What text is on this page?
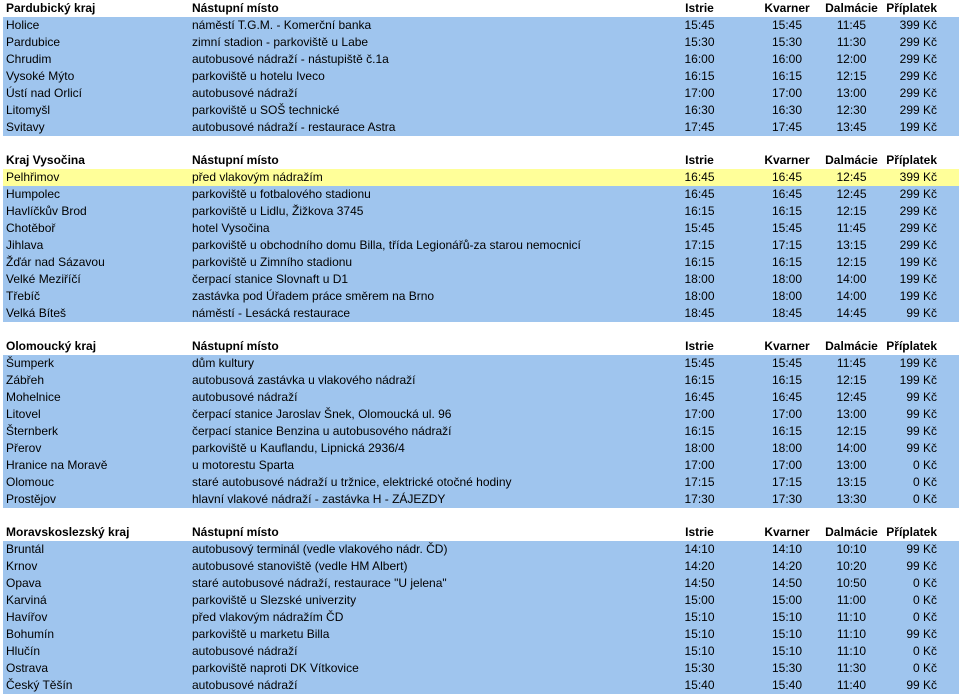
Pardubický kraj	Nástupní místo	Istrie	Kvarner	Dalmácie	Příplatek
Holice	náměstí T.G.M. - Komerční banka	15:45	15:45	11:45	399 Kč
Pardubice	zimní stadion - parkoviště u Labe	15:30	15:30	11:30	299 Kč
Chrudim	autobusové nádraží - nástupiště č.1a	16:00	16:00	12:00	299 Kč
Vysoké Mýto	parkoviště u hotelu Iveco	16:15	16:15	12:15	299 Kč
Ústí nad Orlicí	autobusové nádraží	17:00	17:00	13:00	299 Kč
Litomyšl	parkoviště u SOŠ technické	16:30	16:30	12:30	299 Kč
Svitavy	autobusové nádraží - restaurace Astra	17:45	17:45	13:45	199 Kč

Kraj Vysočina	Nástupní místo	Istrie	Kvarner	Dalmácie	Příplatek
Pelhřimov	před vlakovým nádražím	16:45	16:45	12:45	399 Kč
Humpolec	parkoviště u fotbalového stadionu	16:45	16:45	12:45	299 Kč
Havlíčkův Brod	parkoviště u Lidlu, Žižkova 3745	16:15	16:15	12:15	299 Kč
Chotěboř	hotel Vysočina	15:45	15:45	11:45	299 Kč
Jihlava	parkoviště u obchodního domu Billa, třída Legionářů-za starou nemocnicí	17:15	17:15	13:15	299 Kč
Žďár nad Sázavou	parkoviště u Zimního stadionu	16:15	16:15	12:15	199 Kč
Velké Meziříčí	čerpací stanice Slovnaft u D1	18:00	18:00	14:00	199 Kč
Třebíč	zastávka pod Úřadem práce směrem na Brno	18:00	18:00	14:00	199 Kč
Velká Bíteš	náměstí - Lesácká restaurace	18:45	18:45	14:45	99 Kč

Olomoucký kraj	Nástupní místo	Istrie	Kvarner	Dalmácie	Příplatek
Šumperk	dům kultury	15:45	15:45	11:45	199 Kč
Zábřeh	autobusová zastávka u vlakového nádraží	16:15	16:15	12:15	199 Kč
Mohelnice	autobusové nádraží	16:45	16:45	12:45	99 Kč
Litovel	čerpací stanice Jaroslav Šnek, Olomoucká ul. 96	17:00	17:00	13:00	99 Kč
Šternberk	čerpací stanice Benzina u autobusového nádraží	16:15	16:15	12:15	99 Kč
Přerov	parkoviště u Kauflandu, Lipnická 2936/4	18:00	18:00	14:00	99 Kč
Hranice na Moravě	u motorestu Sparta	17:00	17:00	13:00	0 Kč
Olomouc	staré autobusové nádraží u tržnice, elektrické otočné hodiny	17:15	17:15	13:15	0 Kč
Prostějov	hlavní vlakové nádraží - zastávka H - ZÁJEZDY	17:30	17:30	13:30	0 Kč

Moravskoslezský kraj	Nástupní místo	Istrie	Kvarner	Dalmácie	Příplatek
Bruntál	autobusový terminál (vedle vlakového nádr. ČD)	14:10	14:10	10:10	99 Kč
Krnov	autobusové stanoviště (vedle HM Albert)	14:20	14:20	10:20	99 Kč
Opava	staré autobusové nádraží, restaurace "U jelena"	14:50	14:50	10:50	0 Kč
Karviná	parkoviště u Slezské univerzity	15:00	15:00	11:00	0 Kč
Havířov	před vlakovým nádražím ČD	15:10	15:10	11:10	0 Kč
Bohumín	parkoviště u marketu Billa	15:10	15:10	11:10	99 Kč
Hlučín	autobusové nádraží	15:10	15:10	11:10	0 Kč
Ostrava	parkoviště naproti DK Vítkovice	15:30	15:30	11:30	0 Kč
Český Těšín	autobusové nádraží	15:40	15:40	11:40	99 Kč
